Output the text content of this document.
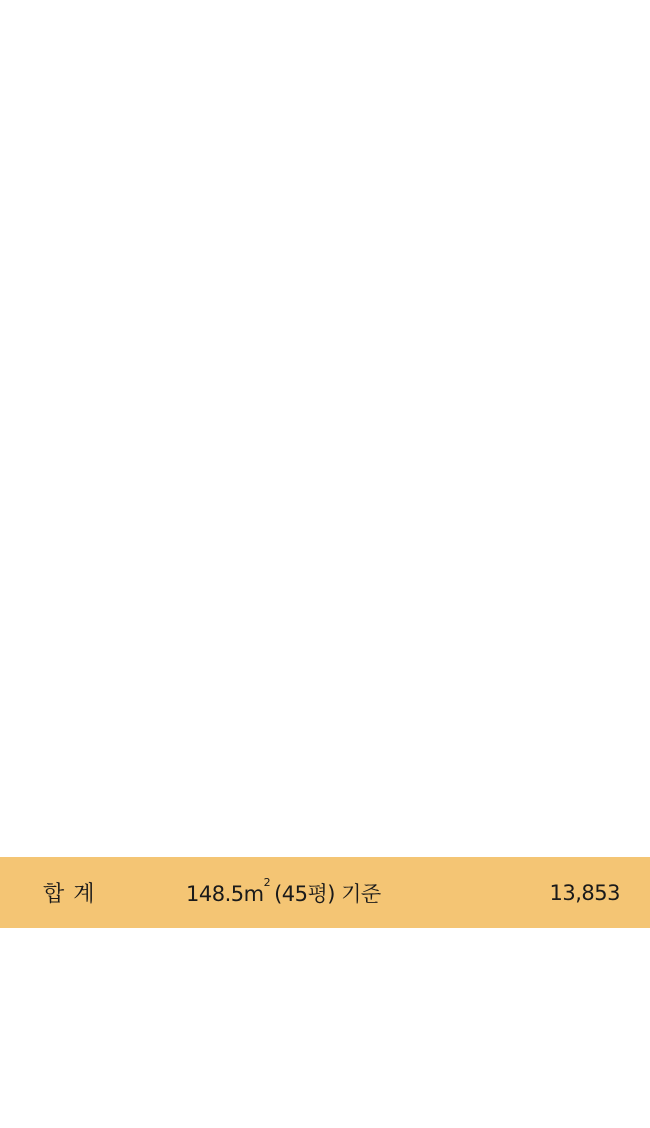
합 계	$148.5m^2$ (45평) 기준	13,853
